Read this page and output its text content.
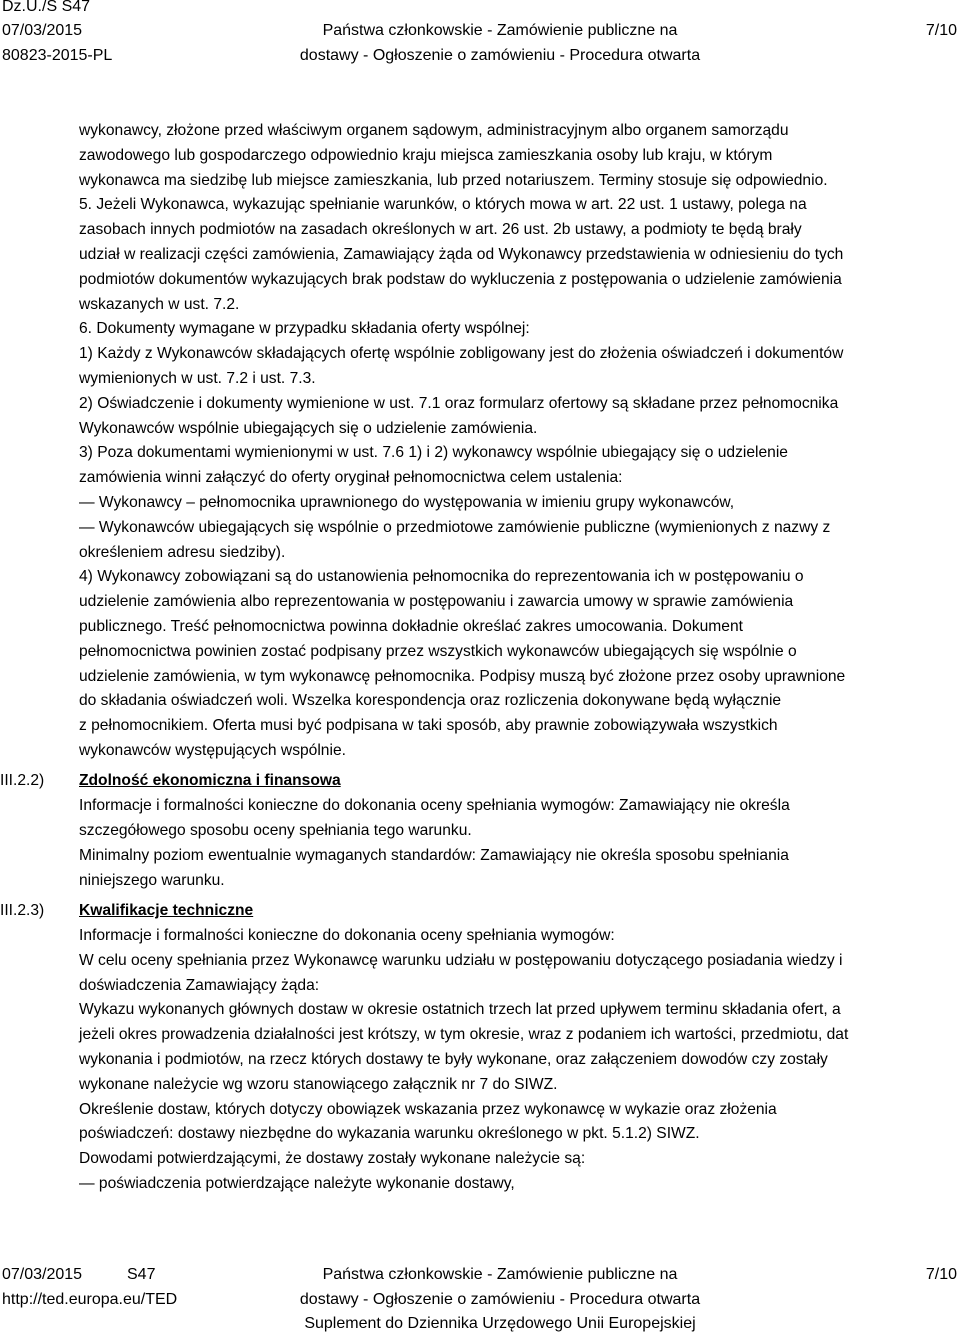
Dz.U./S S47
07/03/2015
80823-2015-PL
Państwa członkowskie - Zamówienie publiczne na
dostawy - Ogłoszenie o zamówieniu - Procedura otwarta
7/10
wykonawcy, złożone przed właściwym organem sądowym, administracyjnym albo organem samorządu
zawodowego lub gospodarczego odpowiednio kraju miejsca zamieszkania osoby lub kraju, w którym
wykonawca ma siedzibę lub miejsce zamieszkania, lub przed notariuszem. Terminy stosuje się odpowiednio.
5. Jeżeli Wykonawca, wykazując spełnianie warunków, o których mowa w art. 22 ust. 1 ustawy, polega na
zasobach innych podmiotów na zasadach określonych w art. 26 ust. 2b ustawy, a podmioty te będą brały
udział w realizacji części zamówienia, Zamawiający żąda od Wykonawcy przedstawienia w odniesieniu do tych
podmiotów dokumentów wykazujących brak podstaw do wykluczenia z postępowania o udzielenie zamówienia
wskazanych w ust. 7.2.
6. Dokumenty wymagane w przypadku składania oferty wspólnej:
1) Każdy z Wykonawców składających ofertę wspólnie zobligowany jest do złożenia oświadczeń i dokumentów
wymienionych w ust. 7.2 i ust. 7.3.
2) Oświadczenie i dokumenty wymienione w ust. 7.1 oraz formularz ofertowy są składane przez pełnomocnika
Wykonawców wspólnie ubiegających się o udzielenie zamówienia.
3) Poza dokumentami wymienionymi w ust. 7.6 1) i 2) wykonawcy wspólnie ubiegający się o udzielenie
zamówienia winni załączyć do oferty oryginał pełnomocnictwa celem ustalenia:
— Wykonawcy – pełnomocnika uprawnionego do występowania w imieniu grupy wykonawców,
— Wykonawców ubiegających się wspólnie o przedmiotowe zamówienie publiczne (wymienionych z nazwy z
określeniem adresu siedziby).
4) Wykonawcy zobowiązani są do ustanowienia pełnomocnika do reprezentowania ich w postępowaniu o
udzielenie zamówienia albo reprezentowania w postępowaniu i zawarcia umowy w sprawie zamówienia
publicznego. Treść pełnomocnictwa powinna dokładnie określać zakres umocowania. Dokument
pełnomocnictwa powinien zostać podpisany przez wszystkich wykonawców ubiegających się wspólnie o
udzielenie zamówienia, w tym wykonawcę pełnomocnika. Podpisy muszą być złożone przez osoby uprawnione
do składania oświadczeń woli. Wszelka korespondencja oraz rozliczenia dokonywane będą wyłącznie
z pełnomocnikiem. Oferta musi być podpisana w taki sposób, aby prawnie zobowiązywała wszystkich
wykonawców występujących wspólnie.
III.2.2) Zdolność ekonomiczna i finansowa
Informacje i formalności konieczne do dokonania oceny spełniania wymogów: Zamawiający nie określa
szczegółowego sposobu oceny spełniania tego warunku.
Minimalny poziom ewentualnie wymaganych standardów: Zamawiający nie określa sposobu spełniania
niniejszego warunku.
III.2.3) Kwalifikacje techniczne
Informacje i formalności konieczne do dokonania oceny spełniania wymogów:
W celu oceny spełniania przez Wykonawcę warunku udziału w postępowaniu dotyczącego posiadania wiedzy i
doświadczenia Zamawiający żąda:
Wykazu wykonanych głównych dostaw w okresie ostatnich trzech lat przed upływem terminu składania ofert, a
jeżeli okres prowadzenia działalności jest krótszy, w tym okresie, wraz z podaniem ich wartości, przedmiotu, dat
wykonania i podmiotów, na rzecz których dostawy te były wykonane, oraz załączeniem dowodów czy zostały
wykonane należycie wg wzoru stanowiącego załącznik nr 7 do SIWZ.
Określenie dostaw, których dotyczy obowiązek wskazania przez wykonawcę w wykazie oraz złożenia
poświadczeń: dostawy niezbędne do wykazania warunku określonego w pkt. 5.1.2) SIWZ.
Dowodami potwierdzającymi, że dostawy zostały wykonane należycie są:
— poświadczenia potwierdzające należyte wykonanie dostawy,
07/03/2015	S47
http://ted.europa.eu/TED
Państwa członkowskie - Zamówienie publiczne na
dostawy - Ogłoszenie o zamówieniu - Procedura otwarta
Suplement do Dziennika Urzędowego Unii Europejskiej
7/10
